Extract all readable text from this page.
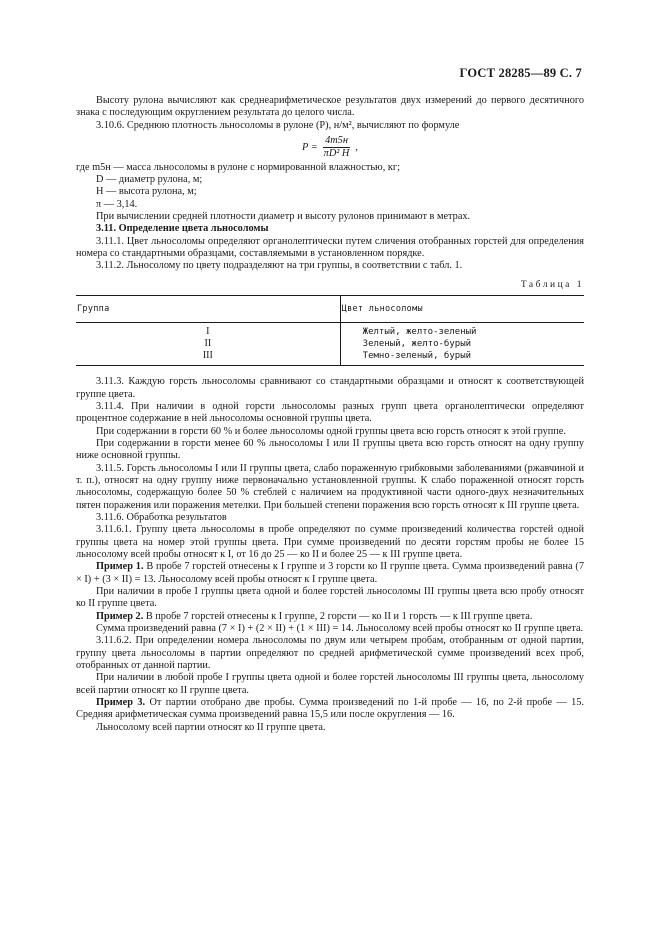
ГОСТ 28285—89 С. 7

Высоту рулона вычисляют как среднеарифметическое результатов двух измерений до первого десятичного знака с последующим округлением результата до целого числа.

3.10.6. Среднюю плотность льносоломы в рулоне (P), н/м², вычисляют по формуле

$P = \frac{4m5н}{\text{πD² H}}$ ,

где m5н — масса льносоломы в рулоне с нормированной влажностью, кг;

D — диаметр рулона, м;

H — высота рулона, м;

π — 3,14.

При вычислении средней плотности диаметр и высоту рулонов принимают в метрах.

3.11. Определение цвета льносоломы

3.11.1. Цвет льносоломы определяют органолептически путем сличения отобранных горстей для определения номера со стандартными образцами, составляемыми в установленном порядке.

3.11.2. Льносолому по цвету подразделяют на три группы, в соответствии с табл. 1.

Таблица 1
Группа	Цвет льносоломы
I	Желтый, желто-зеленый
II	Зеленый, желто-бурый
III	Темно-зеленый, бурый

3.11.3. Каждую горсть льносоломы сравнивают со стандартными образцами и относят к соответствующей группе цвета.

3.11.4. При наличии в одной горсти льносоломы разных групп цвета органолептически определяют процентное содержание в ней льносоломы основной группы цвета.

При содержании в горсти 60 % и более льносоломы одной группы цвета всю горсть относят к этой группе.

При содержании в горсти менее 60 % льносоломы I или II группы цвета всю горсть относят на одну группу ниже основной группы.

3.11.5. Горсть льносоломы I или II группы цвета, слабо пораженную грибковыми заболеваниями (ржавчиной и т. п.), относят на одну группу ниже первоначально установленной группы. К слабо пораженной относят горсть льносоломы, содержащую более 50 % стеблей с наличием на продуктивной части одного-двух незначительных пятен поражения или поражения метелки. При большей степени поражения всю горсть относят к III группе цвета.

3.11.6. Обработка результатов

3.11.6.1. Группу цвета льносоломы в пробе определяют по сумме произведений количества горстей одной группы цвета на номер этой группы цвета. При сумме произведений по десяти горстям пробы не более 15 льносолому всей пробы относят к I, от 16 до 25 — ко II и более 25 — к III группе цвета.

Пример 1. В пробе 7 горстей отнесены к I группе и 3 горсти ко II группе цвета. Сумма произведений равна (7 × I) + (3 × II) = 13. Льносолому всей пробы относят к I группе цвета.

При наличии в пробе I группы цвета одной и более горстей льносоломы III группы цвета всю пробу относят ко II группе цвета.

Пример 2. В пробе 7 горстей отнесены к I группе, 2 горсти — ко II и 1 горсть — к III группе цвета.

Сумма произведений равна (7 × I) + (2 × II) + (1 × III) = 14. Льносолому всей пробы относят ко II группе цвета.

3.11.6.2. При определении номера льносоломы по двум или четырем пробам, отобранным от одной партии, группу цвета льносоломы в партии определяют по средней арифметической сумме произведений всех проб, отобранных от данной партии.

При наличии в любой пробе I группы цвета одной и более горстей льносоломы III группы цвета, льносолому всей партии относят ко II группе цвета.

Пример 3. От партии отобрано две пробы. Сумма произведений по 1-й пробе — 16, по 2-й пробе — 15. Средняя арифметическая сумма произведений равна 15,5 или после округления — 16.

Льносолому всей партии относят ко II группе цвета.
